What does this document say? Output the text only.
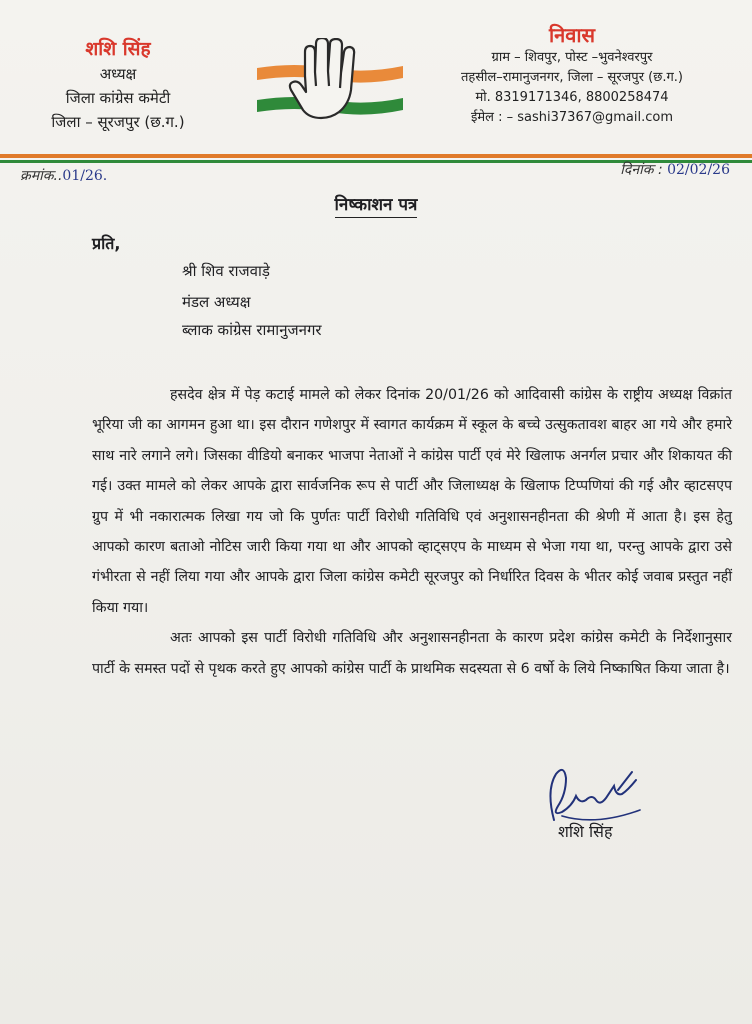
शशि सिंह
अध्यक्ष
जिला कांग्रेस कमेटी
जिला – सूरजपुर (छ.ग.)
निवास
ग्राम – शिवपुर, पोस्ट –भुवनेश्वरपुर
तहसील–रामानुजनगर, जिला – सूरजपुर (छ.ग.)
मो. 8319171346, 8800258474
ईमेल : – sashi37367@gmail.com
क्रमांक..01/26.	दिनांक : 02/02/26
निष्काशन पत्र
प्रति,
श्री शिव राजवाड़े
मंडल अध्यक्ष
ब्लाक कांग्रेस रामानुजनगर

हसदेव क्षेत्र में पेड़ कटाई मामले को लेकर दिनांक 20/01/26 को आदिवासी कांग्रेस के राष्ट्रीय अध्यक्ष विक्रांत भूरिया जी का आगमन हुआ था। इस दौरान गणेशपुर में स्वागत कार्यक्रम में स्कूल के बच्चे उत्सुकतावश बाहर आ गये और हमारे साथ नारे लगाने लगे। जिसका वीडियो बनाकर भाजपा नेताओं ने कांग्रेस पार्टी एवं मेरे खिलाफ अनर्गल प्रचार और शिकायत की गई। उक्त मामले को लेकर आपके द्वारा सार्वजनिक रूप से पार्टी और जिलाध्यक्ष के खिलाफ टिप्पणियां की गई और व्हाटसएप ग्रुप में भी नकारात्मक लिखा गय जो कि पुर्णतः पार्टी विरोधी गतिविधि एवं अनुशासनहीनता की श्रेणी में आता है। इस हेतु आपको कारण बताओ नोटिस जारी किया गया था और आपको व्हाट्सएप के माध्यम से भेजा गया था, परन्तु आपके द्वारा उसे गंभीरता से नहीं लिया गया और आपके द्वारा जिला कांग्रेस कमेटी सूरजपुर को निर्धारित दिवस के भीतर कोई जवाब प्रस्तुत नहीं किया गया।

अतः आपको इस पार्टी विरोधी गतिविधि और अनुशासनहीनता के कारण प्रदेश कांग्रेस कमेटी के निर्देशानुसार पार्टी के समस्त पदों से पृथक करते हुए आपको कांग्रेस पार्टी के प्राथमिक सदस्यता से 6 वर्षो के लिये निष्काषित किया जाता है।

शशि सिंह
